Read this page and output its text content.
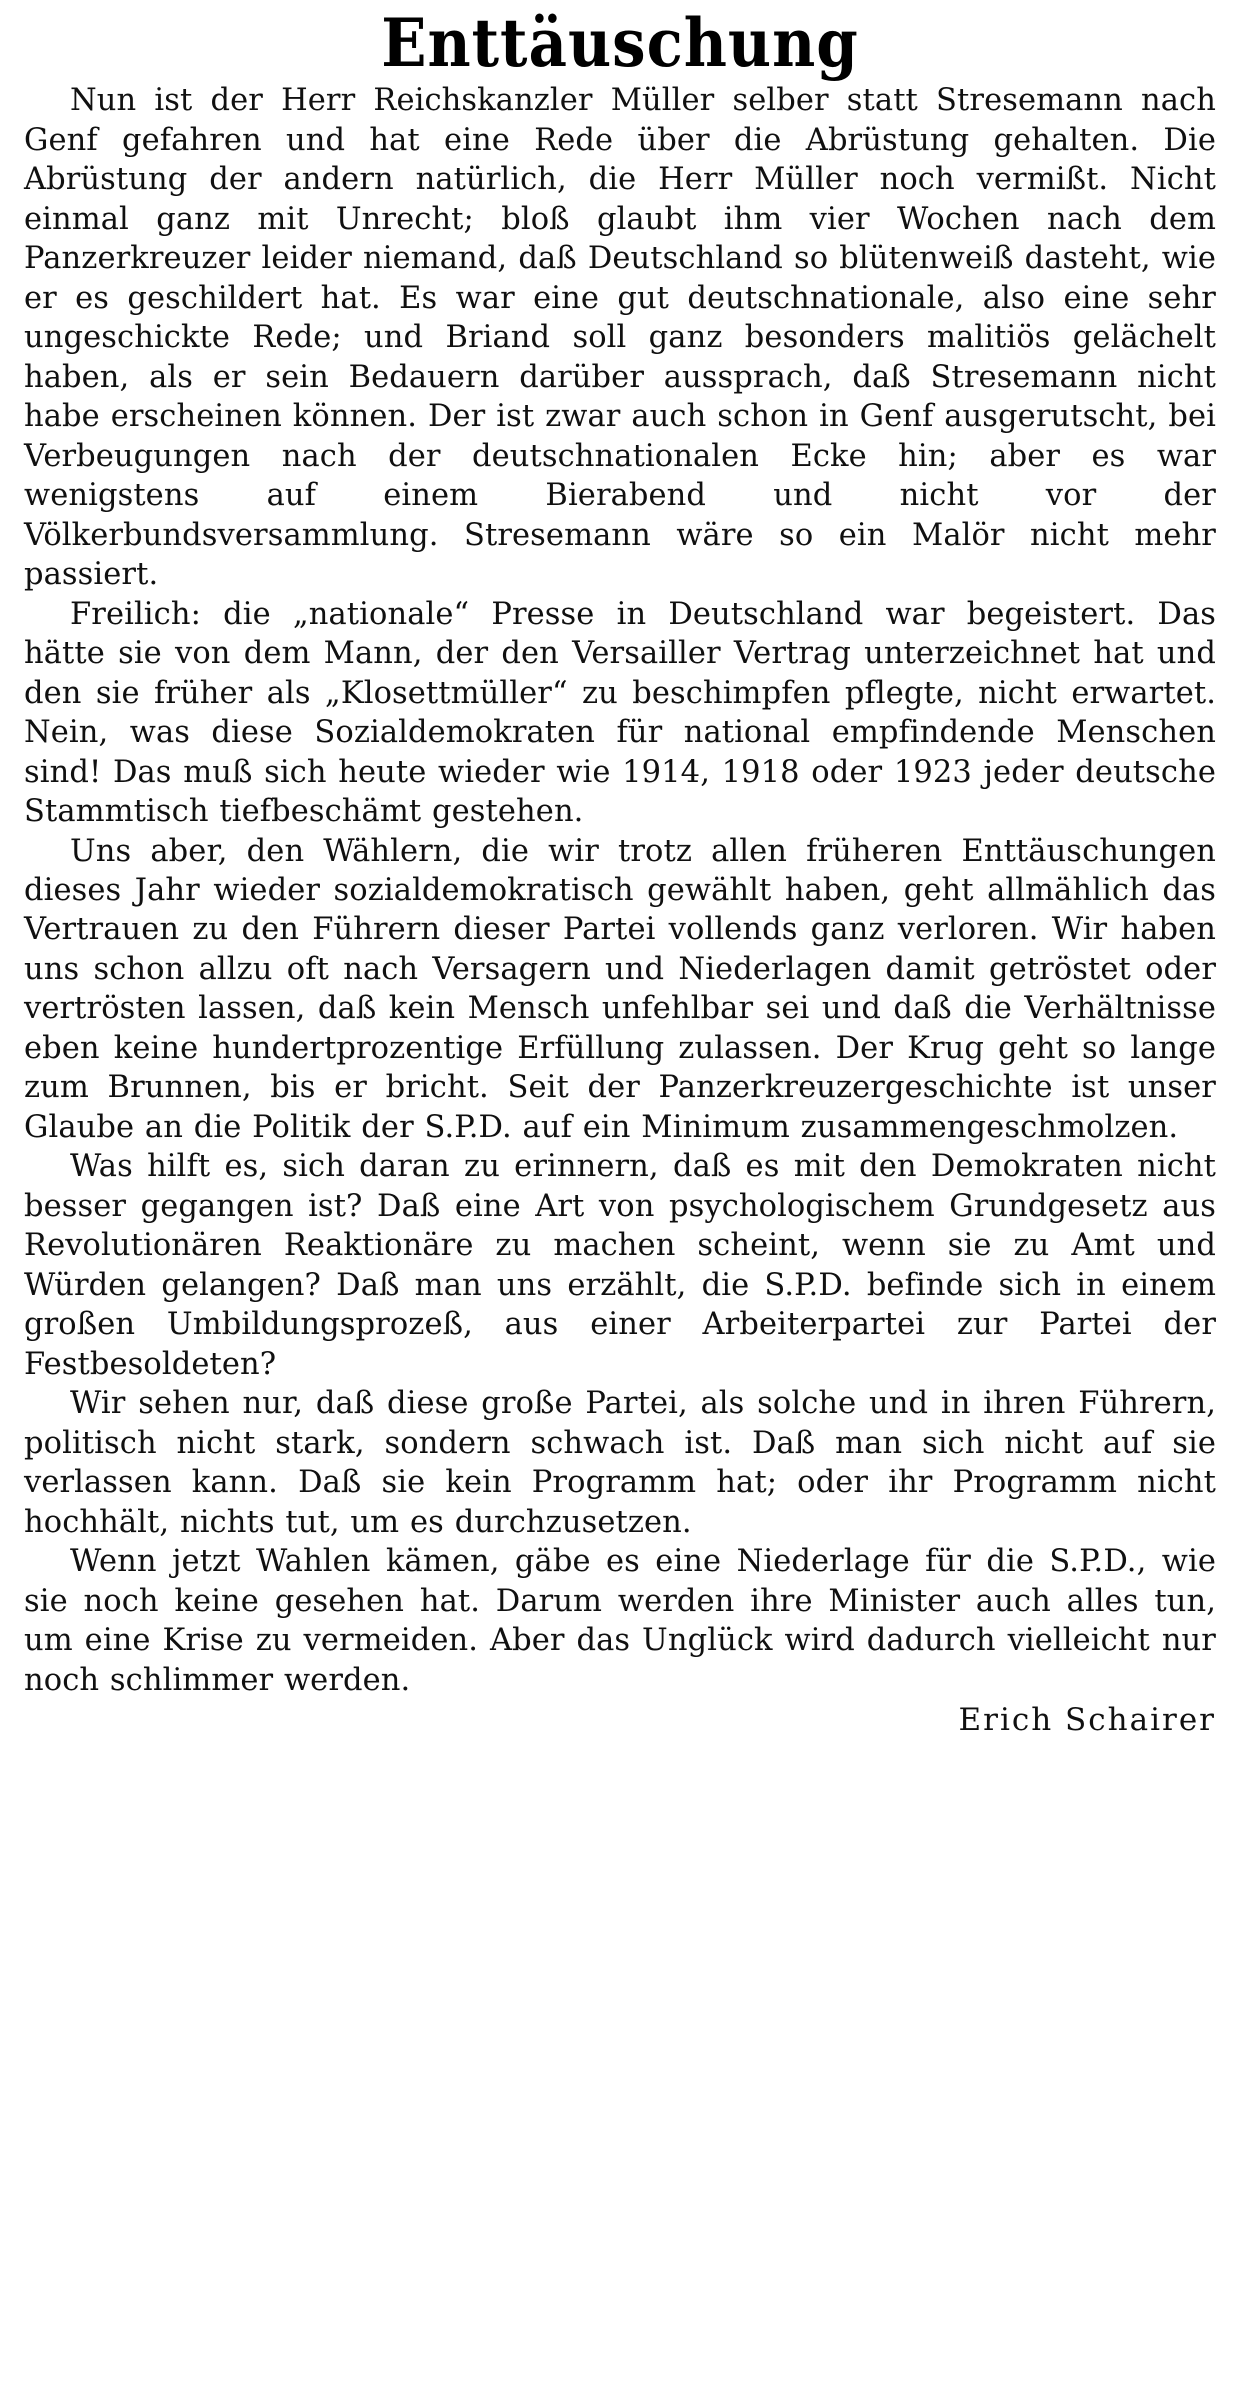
Enttäuschung

Nun ist der Herr Reichskanzler Müller selber statt Stresemann nach Genf gefahren und hat eine Rede über die Abrüstung gehalten. Die Abrüstung der andern natürlich, die Herr Müller noch vermißt. Nicht einmal ganz mit Unrecht; bloß glaubt ihm vier Wochen nach dem Panzerkreuzer leider niemand, daß Deutschland so blütenweiß dasteht, wie er es geschildert hat. Es war eine gut deutschnationale, also eine sehr ungeschickte Rede; und Briand soll ganz besonders malitiös gelächelt haben, als er sein Bedauern darüber aussprach, daß Stresemann nicht habe erscheinen können. Der ist zwar auch schon in Genf ausgerutscht, bei Verbeugungen nach der deutschnationalen Ecke hin; aber es war wenigstens auf einem Bierabend und nicht vor der Völkerbundsversammlung. Stresemann wäre so ein Malör nicht mehr passiert.

Freilich: die „nationale“ Presse in Deutschland war begeistert. Das hätte sie von dem Mann, der den Versailler Vertrag unterzeichnet hat und den sie früher als „Klosettmüller“ zu beschimpfen pflegte, nicht erwartet. Nein, was diese Sozialdemokraten für national empfindende Menschen sind! Das muß sich heute wieder wie 1914, 1918 oder 1923 jeder deutsche Stammtisch tiefbeschämt gestehen.

Uns aber, den Wählern, die wir trotz allen früheren Enttäuschungen dieses Jahr wieder sozialdemokratisch gewählt haben, geht allmählich das Vertrauen zu den Führern dieser Partei vollends ganz verloren. Wir haben uns schon allzu oft nach Versagern und Niederlagen damit getröstet oder vertrösten lassen, daß kein Mensch unfehlbar sei und daß die Verhältnisse eben keine hundertprozentige Erfüllung zulassen. Der Krug geht so lange zum Brunnen, bis er bricht. Seit der Panzerkreuzergeschichte ist unser Glaube an die Politik der S.P.D. auf ein Minimum zusammengeschmolzen.

Was hilft es, sich daran zu erinnern, daß es mit den Demokraten nicht besser gegangen ist? Daß eine Art von psychologischem Grundgesetz aus Revolutionären Reaktionäre zu machen scheint, wenn sie zu Amt und Würden gelangen? Daß man uns erzählt, die S.P.D. befinde sich in einem großen Umbildungsprozeß, aus einer Arbeiterpartei zur Partei der Festbesoldeten?

Wir sehen nur, daß diese große Partei, als solche und in ihren Führern, politisch nicht stark, sondern schwach ist. Daß man sich nicht auf sie verlassen kann. Daß sie kein Programm hat; oder ihr Programm nicht hochhält, nichts tut, um es durchzusetzen.

Wenn jetzt Wahlen kämen, gäbe es eine Niederlage für die S.P.D., wie sie noch keine gesehen hat. Darum werden ihre Minister auch alles tun, um eine Krise zu vermeiden. Aber das Unglück wird dadurch vielleicht nur noch schlimmer werden.

Erich Schairer
